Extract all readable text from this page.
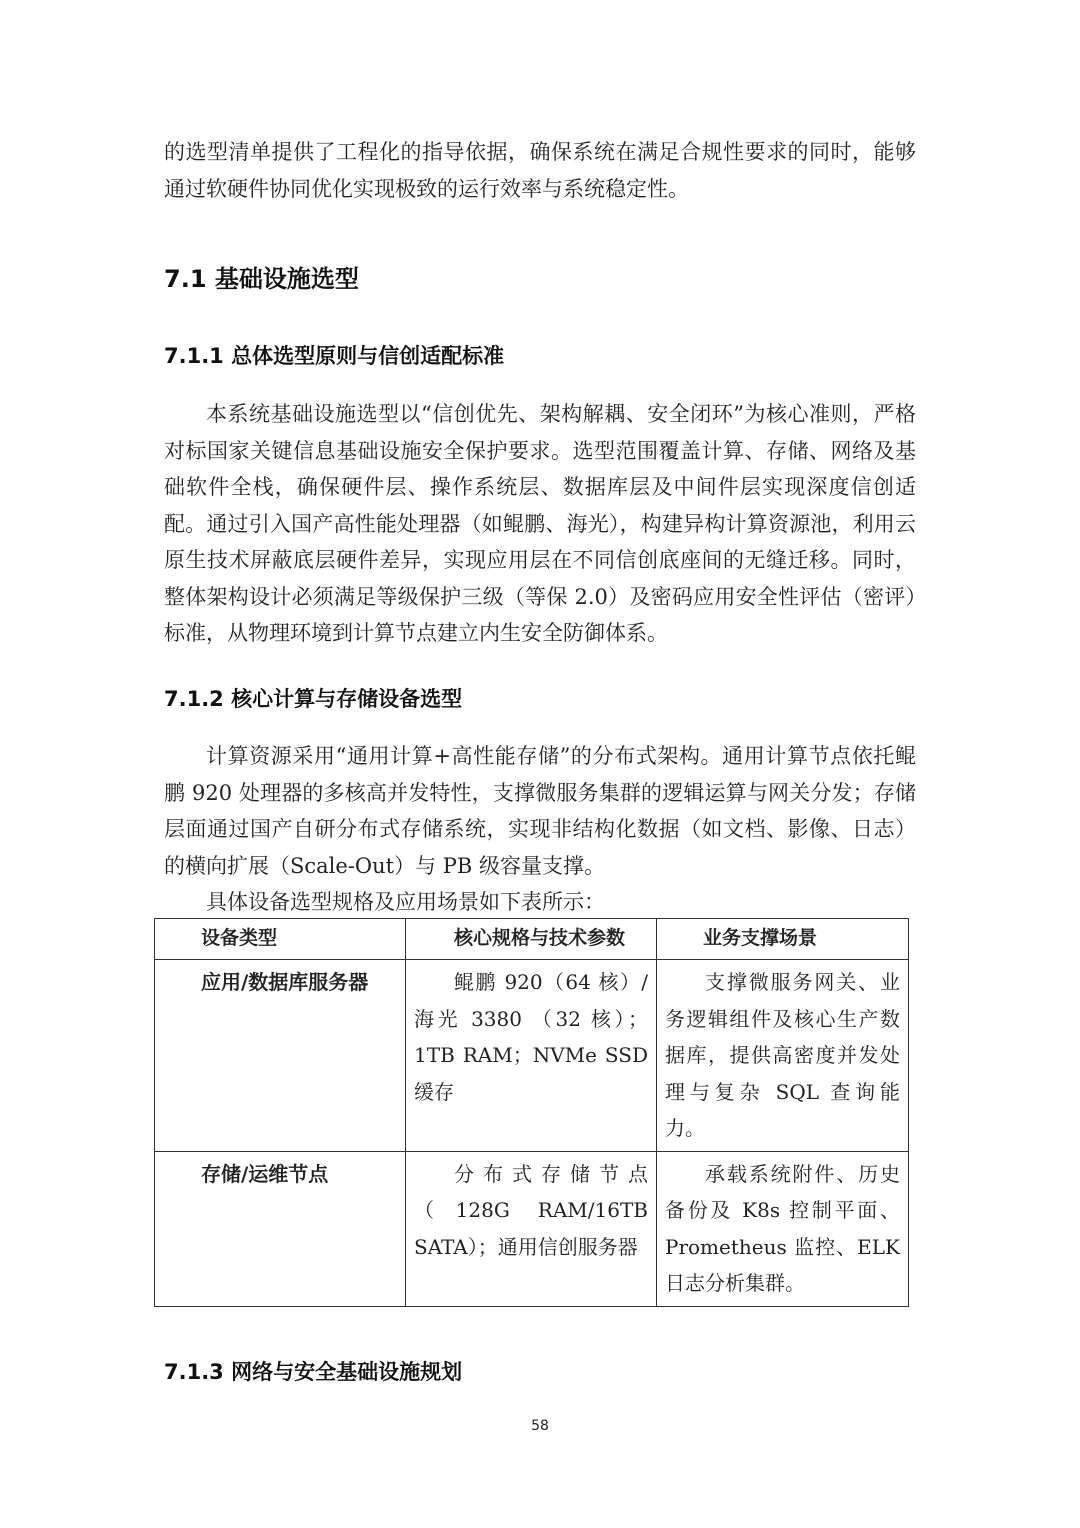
的选型清单提供了工程化的指导依据，确保系统在满足合规性要求的同时，能够通过软硬件协同优化实现极致的运行效率与系统稳定性。

7.1 基础设施选型
7.1.1 总体选型原则与信创适配标准

本系统基础设施选型以“信创优先、架构解耦、安全闭环”为核心准则，严格对标国家关键信息基础设施安全保护要求。选型范围覆盖计算、存储、网络及基础软件全栈，确保硬件层、操作系统层、数据库层及中间件层实现深度信创适配。通过引入国产高性能处理器（如鲲鹏、海光），构建异构计算资源池，利用云原生技术屏蔽底层硬件差异，实现应用层在不同信创底座间的无缝迁移。同时，整体架构设计必须满足等级保护三级（等保 2.0）及密码应用安全性评估（密评）标准，从物理环境到计算节点建立内生安全防御体系。

7.1.2 核心计算与存储设备选型

计算资源采用“通用计算+高性能存储”的分布式架构。通用计算节点依托鲲鹏 920 处理器的多核高并发特性，支撑微服务集群的逻辑运算与网关分发；存储层面通过国产自研分布式存储系统，实现非结构化数据（如文档、影像、日志）的横向扩展（Scale-Out）与 PB 级容量支撑。

具体设备选型规格及应用场景如下表所示：

设备类型	核心规格与技术参数	业务支撑场景
应用/数据库服务器	鲲鹏 920（64 核）/海光 3380 （32 核）； 1TB RAM；NVMe SSD 缓存	支撑微服务网关、业务逻辑组件及核心生产数据库，提供高密度并发处理与复杂 SQL 查询能力。
存储/运维节点	分布式存储节点（128G RAM/16TB SATA）；通用信创服务器	承载系统附件、历史备份及 K8s 控制平面、Prometheus 监控、ELK 日志分析集群。
7.1.3 网络与安全基础设施规划
58
